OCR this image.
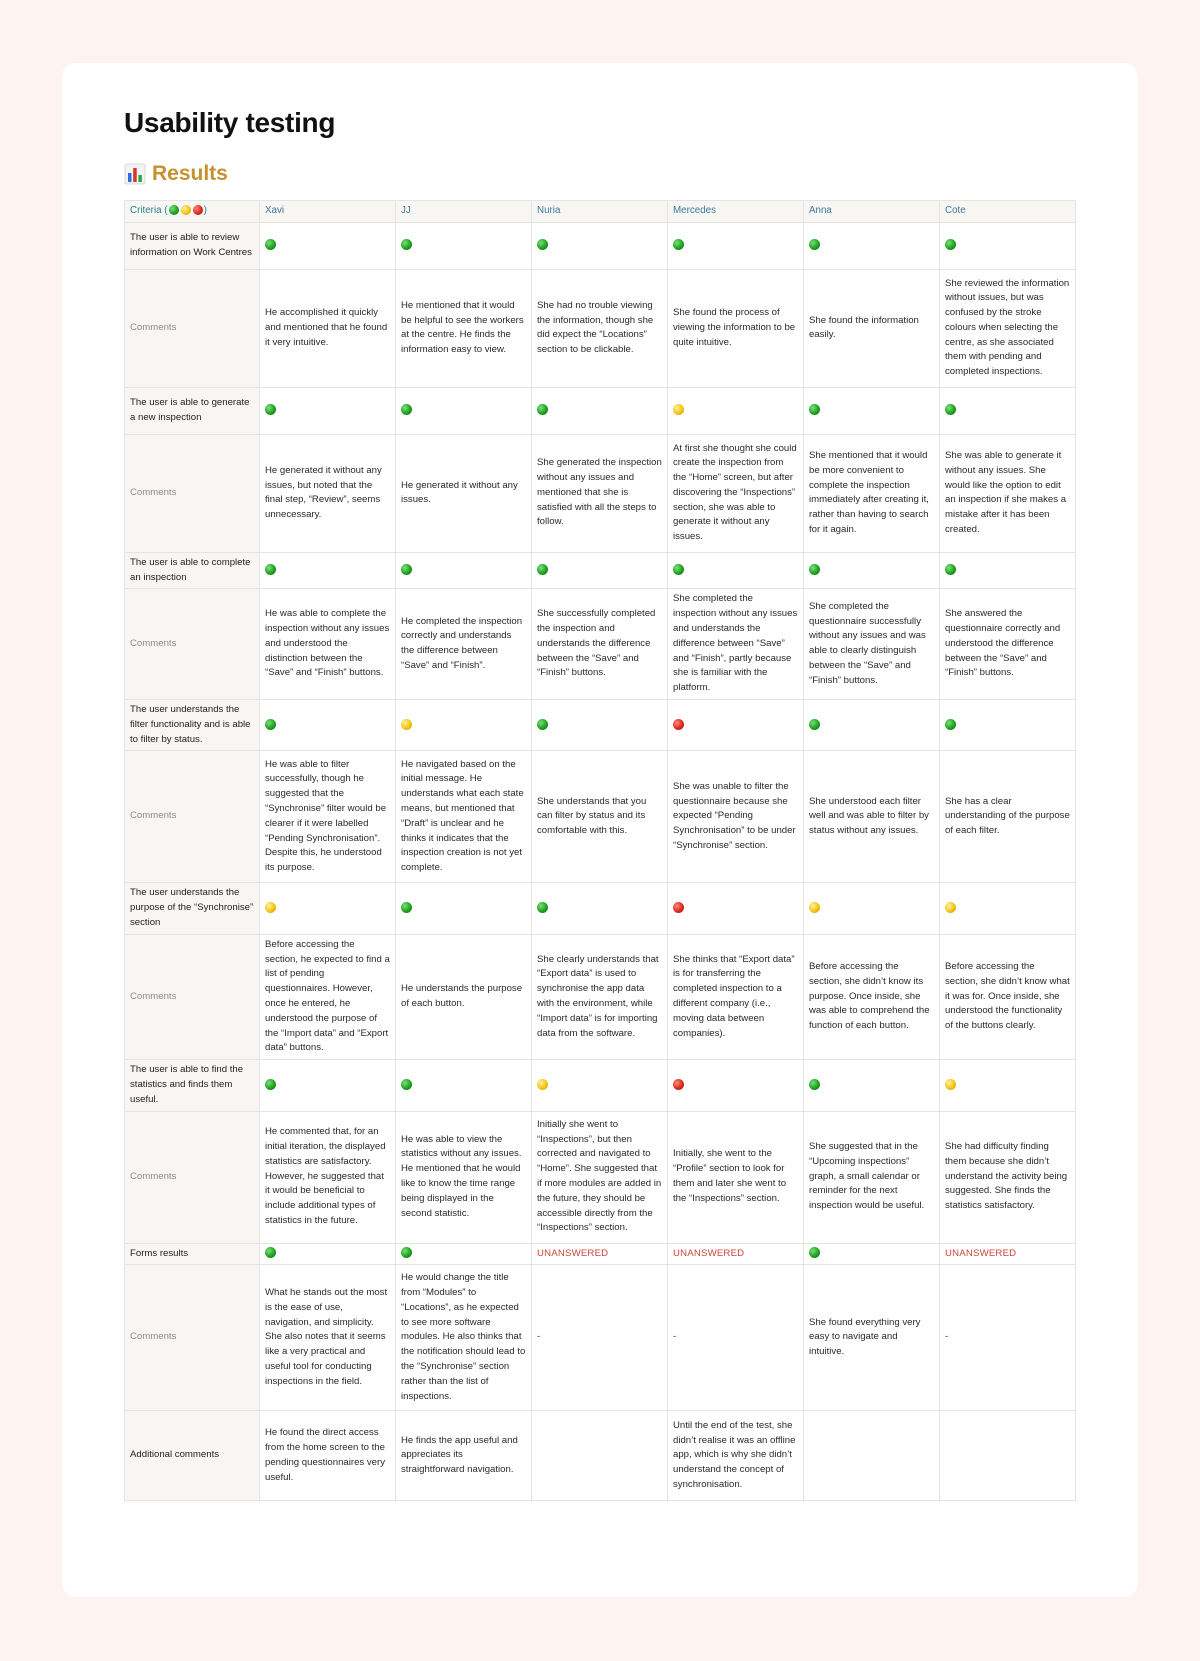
Usability testing
Results
Criteria ( )	Xavi	JJ	Nuria	Mercedes	Anna	Cote
The user is able to review information on Work Centres						
Comments	He accomplished it quickly and mentioned that he found it very intuitive.	He mentioned that it would be helpful to see the workers at the centre. He finds the information easy to view.	She had no trouble viewing the information, though she did expect the “Locations” section to be clickable.	She found the process of viewing the information to be quite intuitive.	She found the information easily.	She reviewed the information without issues, but was confused by the stroke colours when selecting the centre, as she associated them with pending and completed inspections.
The user is able to generate a new inspection						
Comments	He generated it without any issues, but noted that the final step, “Review”, seems unnecessary.	He generated it without any issues.	She generated the inspection without any issues and mentioned that she is satisfied with all the steps to follow.	At first she thought she could create the inspection from the “Home” screen, but after discovering the “Inspections” section, she was able to generate it without any issues.	She mentioned that it would be more convenient to complete the inspection immediately after creating it, rather than having to search for it again.	She was able to generate it without any issues. She would like the option to edit an inspection if she makes a mistake after it has been created.
The user is able to complete an inspection						
Comments	He was able to complete the inspection without any issues and understood the distinction between the “Save” and “Finish” buttons.	He completed the inspection correctly and understands the difference between “Save” and “Finish”.	She successfully completed the inspection and understands the difference between the “Save” and “Finish” buttons.	She completed the inspection without any issues and understands the difference between “Save” and “Finish”, partly because she is familiar with the platform.	She completed the questionnaire successfully without any issues and was able to clearly distinguish between the “Save” and “Finish” buttons.	She answered the questionnaire correctly and understood the difference between the “Save” and “Finish” buttons.
The user understands the filter functionality and is able to filter by status.						
Comments	He was able to filter successfully, though he suggested that the “Synchronise” filter would be clearer if it were labelled “Pending Synchronisation”. Despite this, he understood its purpose.	He navigated based on the initial message. He understands what each state means, but mentioned that “Draft” is unclear and he thinks it indicates that the inspection creation is not yet complete.	She understands that you can filter by status and its comfortable with this.	She was unable to filter the questionnaire because she expected “Pending Synchronisation” to be under “Synchronise” section.	She understood each filter well and was able to filter by status without any issues.	She has a clear understanding of the purpose of each filter.
The user understands the purpose of the “Synchronise” section						
Comments	Before accessing the section, he expected to find a list of pending questionnaires. However, once he entered, he understood the purpose of the “Import data” and “Export data” buttons.	He understands the purpose of each button.	She clearly understands that “Export data” is used to synchronise the app data with the environment, while “Import data” is for importing data from the software.	She thinks that “Export data” is for transferring the completed inspection to a different company (i.e., moving data between companies).	Before accessing the section, she didn’t know its purpose. Once inside, she was able to comprehend the function of each button.	Before accessing the section, she didn’t know what it was for. Once inside, she understood the functionality of the buttons clearly.
The user is able to find the statistics and finds them useful.						
Comments	He commented that, for an initial iteration, the displayed statistics are satisfactory. However, he suggested that it would be beneficial to include additional types of statistics in the future.	He was able to view the statistics without any issues. He mentioned that he would like to know the time range being displayed in the second statistic.	Initially she went to “Inspections”, but then corrected and navigated to “Home”. She suggested that if more modules are added in the future, they should be accessible directly from the “Inspections” section.	Initially, she went to the “Profile” section to look for them and later she went to the “Inspections” section.	She suggested that in the “Upcoming inspections” graph, a small calendar or reminder for the next inspection would be useful.	She had difficulty finding them because she didn’t understand the activity being suggested. She finds the statistics satisfactory.
Forms results			UNANSWERED	UNANSWERED		UNANSWERED
Comments	What he stands out the most is the ease of use, navigation, and simplicity. She also notes that it seems like a very practical and useful tool for conducting inspections in the field.	He would change the title from “Modules” to “Locations”, as he expected to see more software modules. He also thinks that the notification should lead to the “Synchronise” section rather than the list of inspections.	-	-	She found everything very easy to navigate and intuitive.	-
Additional comments	He found the direct access from the home screen to the pending questionnaires very useful.	He finds the app useful and appreciates its straightforward navigation.		Until the end of the test, she didn’t realise it was an offline app, which is why she didn’t understand the concept of synchronisation.		
